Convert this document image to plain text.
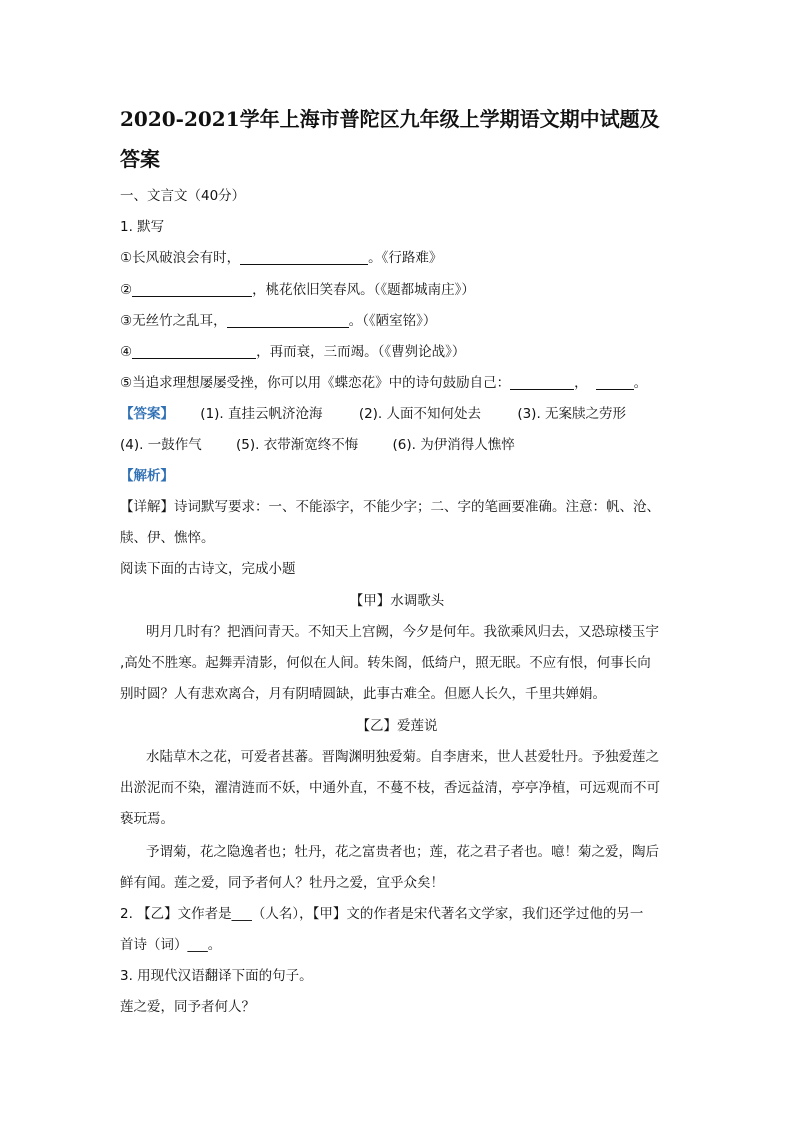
2020-2021学年上海市普陀区九年级上学期语文期中试题及
答案
一、文言文（40分）
1. 默写
①长风破浪会有时，	。《行路难》
②	，桃花依旧笑春风。（《题都城南庄》）
③无丝竹之乱耳，	。（《陋室铭》）
④	，再而衰，三而竭。（《曹刿论战》）
⑤当追求理想屡屡受挫，你可以用《蝶恋花》中的诗句鼓励自己：	，	。
【答案】 (1). 直挂云帆济沧海	(2). 人面不知何处去	(3). 无案牍之劳形
(4). 一鼓作气	(5). 衣带渐宽终不悔	(6). 为伊消得人憔悴
【解析】
【详解】诗词默写要求：一、不能添字，不能少字；二、字的笔画要准确。注意：帆、沧、
牍、伊、憔悴。
阅读下面的古诗文，完成小题
【甲】水调歌头
明月几时有？把酒问青天。不知天上宫阙，今夕是何年。我欲乘风归去，又恐琼楼玉宇
,高处不胜寒。起舞弄清影，何似在人间。转朱阁，低绮户，照无眠。不应有恨，何事长向
别时圆？人有悲欢离合，月有阴晴圆缺，此事古难全。但愿人长久，千里共婵娟。
【乙】爱莲说
水陆草木之花，可爱者甚蕃。晋陶渊明独爱菊。自李唐来，世人甚爱牡丹。予独爱莲之
出淤泥而不染，濯清涟而不妖，中通外直，不蔓不枝，香远益清，亭亭净植，可远观而不可
亵玩焉。
予谓菊，花之隐逸者也；牡丹，花之富贵者也；莲，花之君子者也。噫！菊之爱，陶后
鲜有闻。莲之爱，同予者何人？牡丹之爱，宜乎众矣！
2. 【乙】文作者是___（人名），【甲】文的作者是宋代著名文学家，我们还学过他的另一
首诗（词）___。
3. 用现代汉语翻译下面的句子。
莲之爱，同予者何人？
